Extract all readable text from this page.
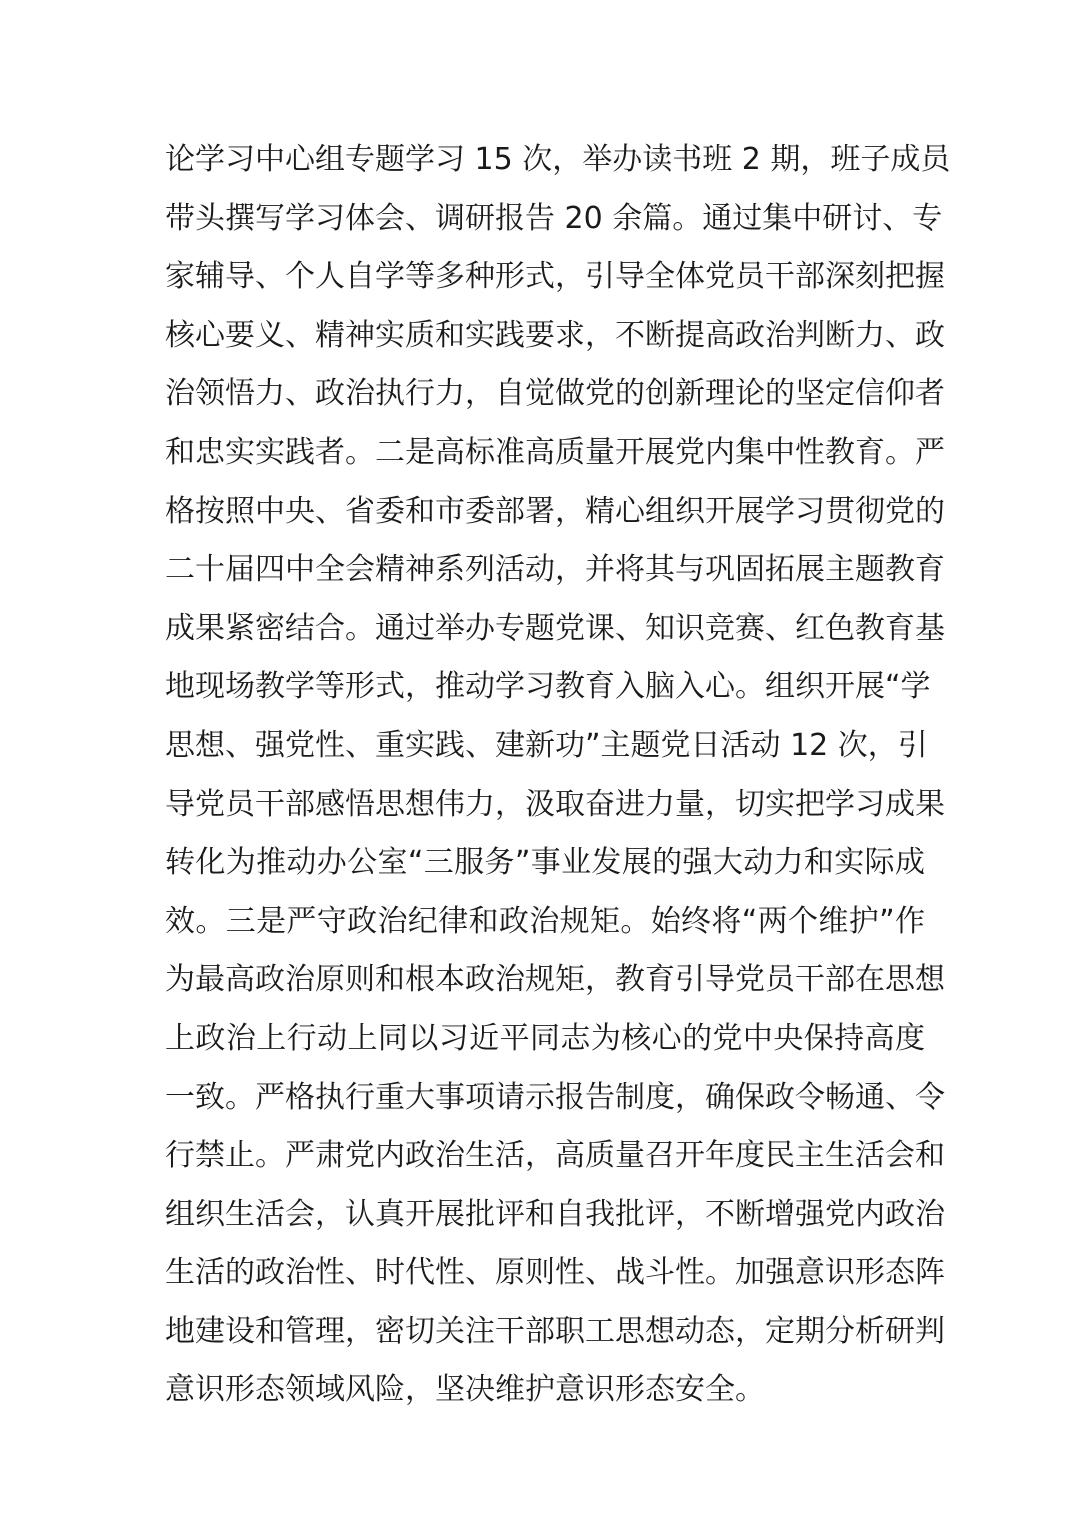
论学习中心组专题学习 15 次，举办读书班 2 期，班子成员
带头撰写学习体会、调研报告 20 余篇。通过集中研讨、专
家辅导、个人自学等多种形式，引导全体党员干部深刻把握
核心要义、精神实质和实践要求，不断提高政治判断力、政
治领悟力、政治执行力，自觉做党的创新理论的坚定信仰者
和忠实实践者。二是高标准高质量开展党内集中性教育。严
格按照中央、省委和市委部署，精心组织开展学习贯彻党的
二十届四中全会精神系列活动，并将其与巩固拓展主题教育
成果紧密结合。通过举办专题党课、知识竞赛、红色教育基
地现场教学等形式，推动学习教育入脑入心。组织开展“学
思想、强党性、重实践、建新功”主题党日活动 12 次，引
导党员干部感悟思想伟力，汲取奋进力量，切实把学习成果
转化为推动办公室“三服务”事业发展的强大动力和实际成
效。三是严守政治纪律和政治规矩。始终将“两个维护”作
为最高政治原则和根本政治规矩，教育引导党员干部在思想
上政治上行动上同以习近平同志为核心的党中央保持高度
一致。严格执行重大事项请示报告制度，确保政令畅通、令
行禁止。严肃党内政治生活，高质量召开年度民主生活会和
组织生活会，认真开展批评和自我批评，不断增强党内政治
生活的政治性、时代性、原则性、战斗性。加强意识形态阵
地建设和管理，密切关注干部职工思想动态，定期分析研判
意识形态领域风险，坚决维护意识形态安全。
